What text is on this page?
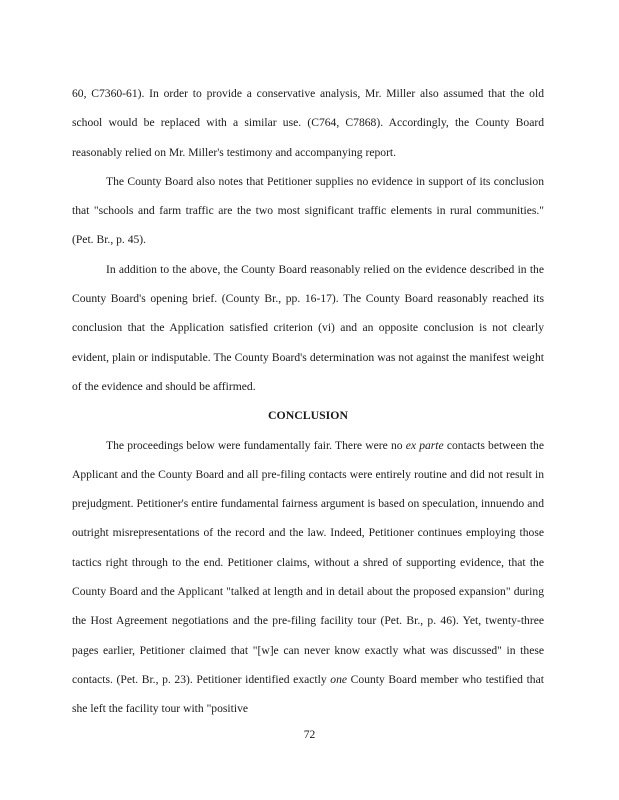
60, C7360-61). In order to provide a conservative analysis, Mr. Miller also assumed that the old school would be replaced with a similar use. (C764, C7868). Accordingly, the County Board reasonably relied on Mr. Miller's testimony and accompanying report.

The County Board also notes that Petitioner supplies no evidence in support of its conclusion that "schools and farm traffic are the two most significant traffic elements in rural communities." (Pet. Br., p. 45).

In addition to the above, the County Board reasonably relied on the evidence described in the County Board's opening brief. (County Br., pp. 16-17). The County Board reasonably reached its conclusion that the Application satisfied criterion (vi) and an opposite conclusion is not clearly evident, plain or indisputable. The County Board's determination was not against the manifest weight of the evidence and should be affirmed.

CONCLUSION

The proceedings below were fundamentally fair. There were no ex parte contacts between the Applicant and the County Board and all pre-filing contacts were entirely routine and did not result in prejudgment. Petitioner's entire fundamental fairness argument is based on speculation, innuendo and outright misrepresentations of the record and the law. Indeed, Petitioner continues employing those tactics right through to the end. Petitioner claims, without a shred of supporting evidence, that the County Board and the Applicant "talked at length and in detail about the proposed expansion" during the Host Agreement negotiations and the pre-filing facility tour (Pet. Br., p. 46). Yet, twenty-three pages earlier, Petitioner claimed that "[w]e can never know exactly what was discussed" in these contacts. (Pet. Br., p. 23). Petitioner identified exactly one County Board member who testified that she left the facility tour with "positive

72
